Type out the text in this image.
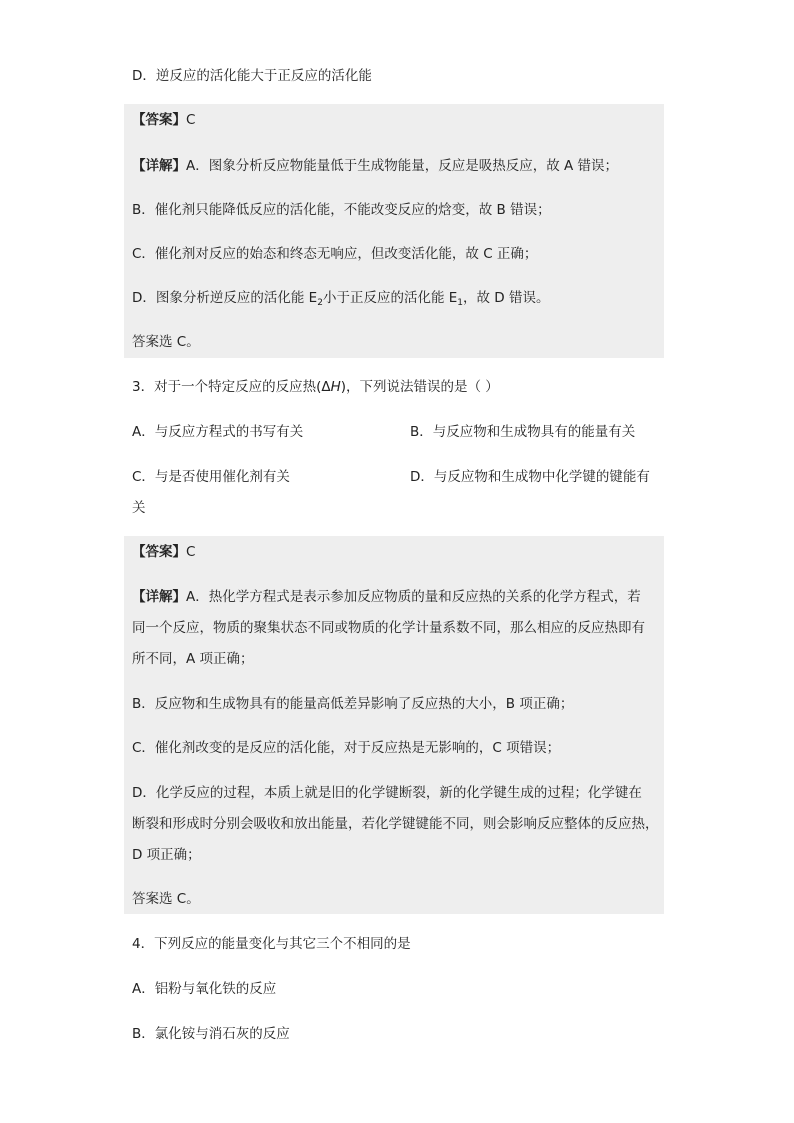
D．逆反应的活化能大于正反应的活化能
【答案】C
【详解】A．图象分析反应物能量低于生成物能量，反应是吸热反应，故 A 错误；
B．催化剂只能降低反应的活化能，不能改变反应的焓变，故 B 错误；
C．催化剂对反应的始态和终态无响应，但改变活化能，故 C 正确；
D．图象分析逆反应的活化能 $E_2$小于正反应的活化能 $E_1$，故 D 错误。
答案选 C。
3．对于一个特定反应的反应热(ΔH)，下列说法错误的是（ ）
A．与反应方程式的书写有关	B．与反应物和生成物具有的能量有关
C．与是否使用催化剂有关	D．与反应物和生成物中化学键的键能有
关
【答案】C
【详解】A．热化学方程式是表示参加反应物质的量和反应热的关系的化学方程式，若
同一个反应，物质的聚集状态不同或物质的化学计量系数不同，那么相应的反应热即有
所不同，A 项正确；
B．反应物和生成物具有的能量高低差异影响了反应热的大小，B 项正确；
C．催化剂改变的是反应的活化能，对于反应热是无影响的，C 项错误；
D．化学反应的过程，本质上就是旧的化学键断裂，新的化学键生成的过程；化学键在
断裂和形成时分别会吸收和放出能量，若化学键键能不同，则会影响反应整体的反应热，
D 项正确；
答案选 C。
4．下列反应的能量变化与其它三个不相同的是
A．铝粉与氧化铁的反应
B．氯化铵与消石灰的反应
